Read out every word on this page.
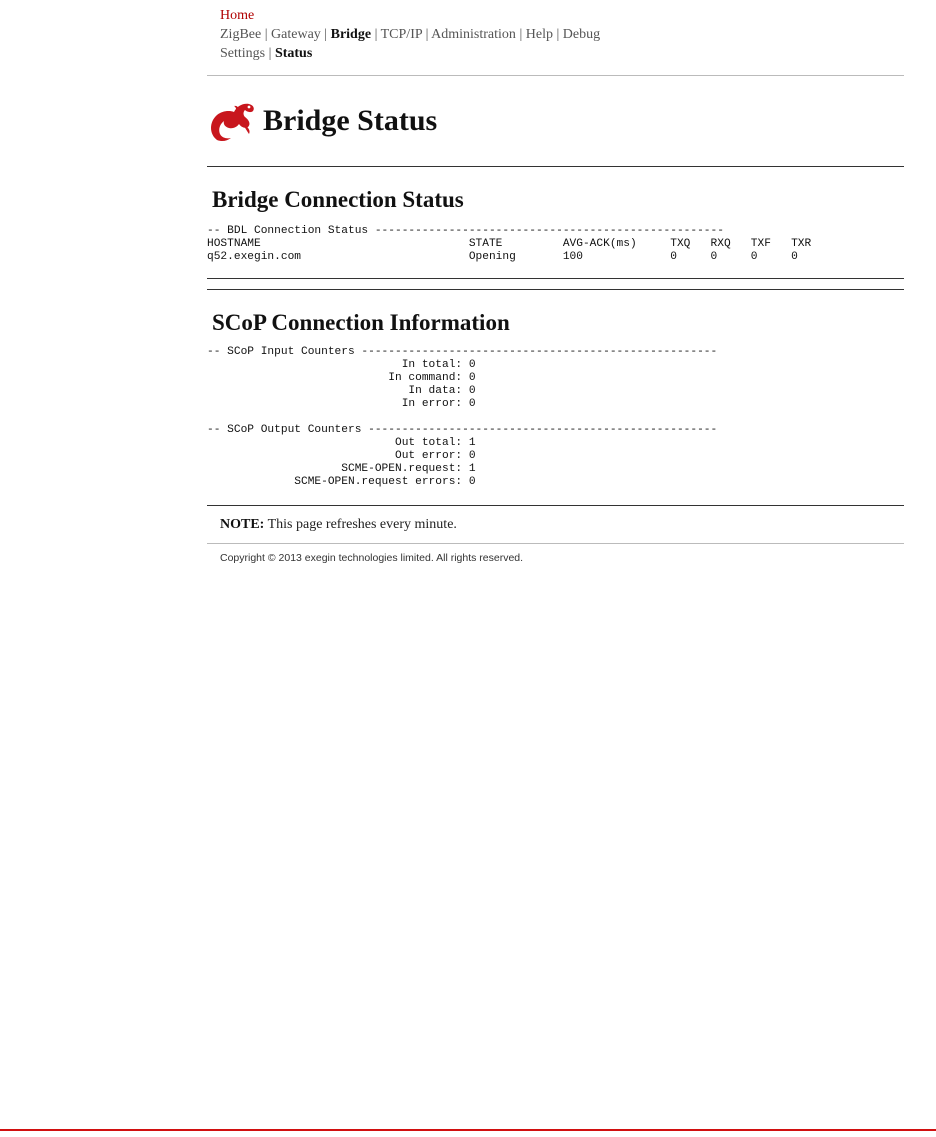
Home
ZigBee | Gateway | Bridge | TCP/IP | Administration | Help | Debug
Settings | Status
Bridge Status
Bridge Connection Status
-- BDL Connection Status ----------------------------------------------------
HOSTNAME                               STATE         AVG-ACK(ms)     TXQ   RXQ   TXF   TXR
q52.exegin.com                         Opening       100             0     0     0     0
SCoP Connection Information
-- SCoP Input Counters -----------------------------------------------------
In total: 0
In command: 0
In data: 0
In error: 0

-- SCoP Output Counters ----------------------------------------------------
Out total: 1
Out error: 0
SCME-OPEN.request: 1
SCME-OPEN.request errors: 0
NOTE: This page refreshes every minute.
Copyright © 2013 exegin technologies limited. All rights reserved.
